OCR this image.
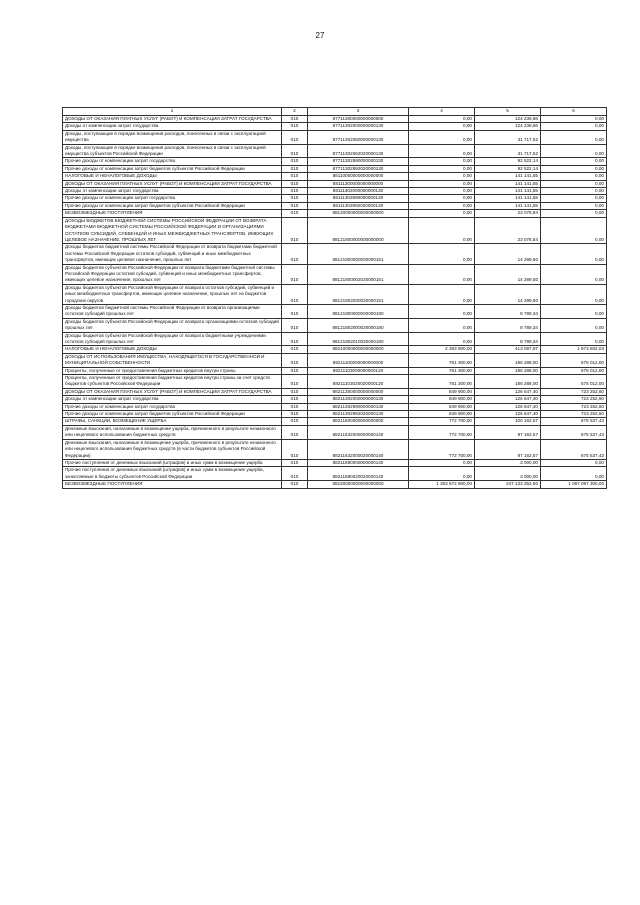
27
1	2	3	4	5	6
ДОХОДЫ ОТ ОКАЗАНИЯ ПЛАТНЫХ УСЛУГ (РАБОТ) И КОМПЕНСАЦИИ ЗАТРАТ ГОСУДАРСТВА	010	87711300000000000000	0,00	124 239,66	0,00
Доходы от компенсации затрат государства	010	87711302000000000130	0,00	124 239,66	0,00
Доходы, поступающие в порядке возмещения расходов, понесенных в связи с эксплуатацией имущества	010	87711302060000000130	0,00	31 717,52	0,00
Доходы, поступающие в порядке возмещения расходов, понесенных в связи с эксплуатацией имущества субъектов Российской Федерации	010	87711302062020000130	0,00	31 717,52	0,00
Прочие доходы от компенсации затрат государства	010	87711302990000000130	0,00	92 522,14	0,00
Прочие доходы от компенсации затрат бюджетов субъектов Российской Федерации	010	87711302992020000130	0,00	92 522,14	0,00
НАЛОГОВЫЕ И НЕНАЛОГОВЫЕ ДОХОДЫ	010	88110000000000000000	0,00	141 141,55	0,00
ДОХОДЫ ОТ ОКАЗАНИЯ ПЛАТНЫХ УСЛУГ (РАБОТ) И КОМПЕНСАЦИИ ЗАТРАТ ГОСУДАРСТВА	010	88111300000000000000	0,00	141 141,55	0,00
Доходы от компенсации затрат государства	010	88111302000000000130	0,00	141 141,55	0,00
Прочие доходы от компенсации затрат государства	010	88111302990000000130	0,00	141 141,55	0,00
Прочие доходы от компенсации затрат бюджетов субъектов Российской Федерации	010	88111302992020000130	0,00	141 141,55	0,00
БЕЗВОЗМЕЗДНЫЕ ПОСТУПЛЕНИЯ	010	88120000000000000000	0,00	23 078,84	0,00
ДОХОДЫ БЮДЖЕТОВ БЮДЖЕТНОЙ СИСТЕМЫ РОССИЙСКОЙ ФЕДЕРАЦИИ ОТ ВОЗВРАТА БЮДЖЕТАМИ БЮДЖЕТНОЙ СИСТЕМЫ РОССИЙСКОЙ ФЕДЕРАЦИИ И ОРГАНИЗАЦИЯМИ ОСТАТКОВ СУБСИДИЙ, СУБВЕНЦИЙ И ИНЫХ МЕЖБЮДЖЕТНЫХ ТРАНСФЕРТОВ, ИМЕЮЩИХ ЦЕЛЕВОЕ НАЗНАЧЕНИЕ, ПРОШЛЫХ ЛЕТ	010	88121800000000000000	0,00	23 078,84	0,00
Доходы бюджетов бюджетной системы Российской Федерации от возврата бюджетами бюджетной системы Российской Федерации остатков субсидий, субвенций и иных межбюджетных трансфертов, имеющих целевое назначение, прошлых лет	010	88121800000000000151	0,00	14 289,50	0,00
Доходы бюджетов субъектов Российской Федерации от возврата бюджетами бюджетной системы Российской Федерации остатков субсидий, субвенций и иных межбюджетных трансфертов, имеющих целевое назначение, прошлых лет	010	88121800002020000151	0,00	14 289,50	0,00
Доходы бюджетов субъектов Российской Федерации от возврата остатков субсидий, субвенций и иных межбюджетных трансфертов, имеющих целевое назначение, прошлых лет из бюджетов городских округов	010	88121802030020000151	0,00	14 289,50	0,00
Доходы бюджетов бюджетной системы Российской Федерации от возврата организациями остатков субсидий прошлых лет	010	88121800000000000180	0,00	8 789,34	0,00
Доходы бюджетов субъектов Российской Федерации от возврата организациями остатков субсидий прошлых лет	010	88121802000020000180	0,00	8 789,34	0,00
Доходы бюджетов субъектов Российской Федерации от возврата бюджетными учреждениями остатков субсидий прошлых лет	010	88121802010020000180	0,00	8 789,34	0,00
НАЛОГОВЫЕ И НЕНАЛОГОВЫЕ ДОХОДЫ	010	88210000000000000000	2 383 900,00	413 097,97	1 973 802,03
ДОХОДЫ ОТ ИСПОЛЬЗОВАНИЯ ИМУЩЕСТВА, НАХОДЯЩЕГОСЯ В ГОСУДАРСТВЕННОЙ И МУНИЦИПАЛЬНОЙ СОБСТВЕННОСТИ	010	88211100000000000000	761 300,00	186 288,00	575 012,00
Проценты, полученные от предоставления бюджетных кредитов внутри страны	010	88211103000000000120	761 300,00	186 288,00	575 012,00
Проценты, полученные от предоставления бюджетных кредитов внутри страны за счет средств бюджетов субъектов Российской Федерации	010	88211103020020000120	761 300,00	186 288,00	575 012,00
ДОХОДЫ ОТ ОКАЗАНИЯ ПЛАТНЫХ УСЛУГ (РАБОТ) И КОМПЕНСАЦИИ ЗАТРАТ ГОСУДАРСТВА	010	88211300000000000000	849 900,00	126 647,40	723 252,60
Доходы от компенсации затрат государства	010	88211302000000000130	849 900,00	126 647,40	723 252,60
Прочие доходы от компенсации затрат государства	010	88211302990000000130	849 900,00	126 647,40	723 252,60
Прочие доходы от компенсации затрат бюджетов субъектов Российской Федерации	010	88211302992020000130	849 900,00	126 647,40	723 252,60
ШТРАФЫ, САНКЦИИ, ВОЗМЕЩЕНИЕ УЩЕРБА	010	88211600000000000000	772 700,00	100 162,57	675 537,43
Денежные взыскания, налагаемые в возмещение ущерба, причиненного в результате незаконного или нецелевого использования бюджетных средств	010	88211632000000000140	772 700,00	97 162,57	675 537,43
Денежные взыскания, налагаемые в возмещение ущерба, причиненного в результате незаконного или нецелевого использования бюджетных средств (в части бюджетов субъектов Российской Федерации)	010	88211632000020000140	772 700,00	97 162,57	675 537,43
Прочие поступления от денежных взысканий (штрафов) и иных сумм в возмещение ущерба	010	88211690000000000140	0,00	3 000,00	0,00
Прочие поступления от денежных взысканий (штрафов) и иных сумм в возмещение ущерба, зачисляемые в бюджеты субъектов Российской Федерации	010	88211690020020000140	0,00	3 000,00	0,00
БЕЗВОЗМЕЗДНЫЕ ПОСТУПЛЕНИЯ	010	88220000000000000000	1 303 672 800,00	247 133 352,60	1 067 097 300,00
